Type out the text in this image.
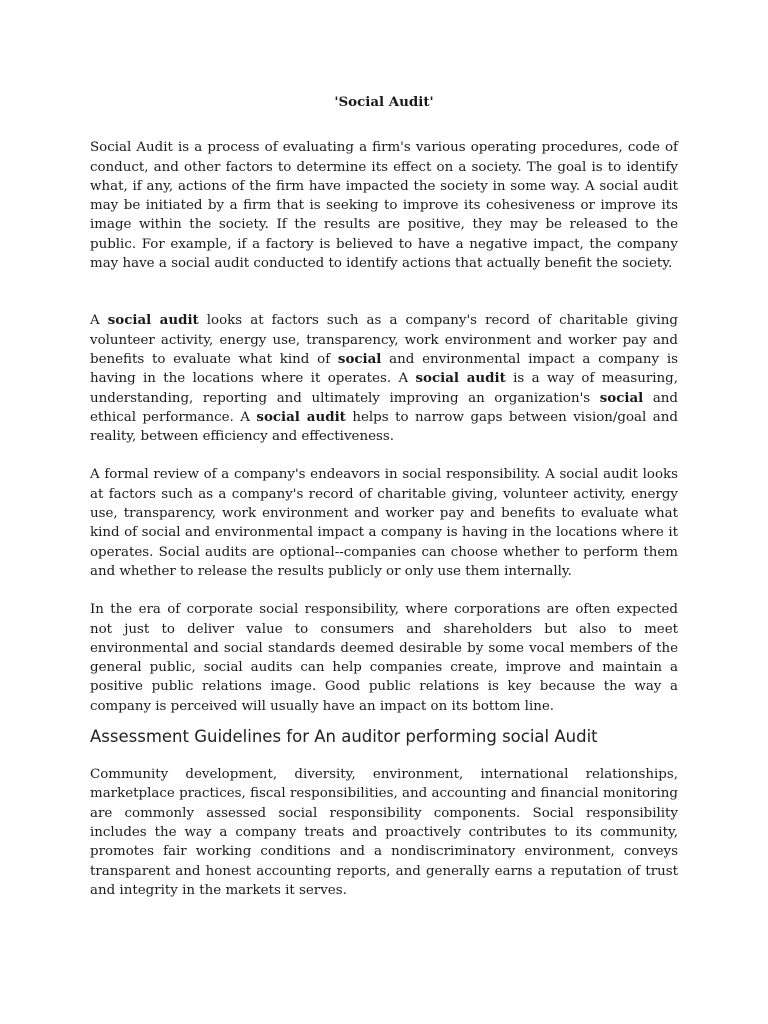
'Social Audit'

Social Audit is a process of evaluating a firm's various operating procedures, code of conduct, and other factors to determine its effect on a society. The goal is to identify what, if any, actions of the firm have impacted the society in some way. A social audit may be initiated by a firm that is seeking to improve its cohesiveness or improve its image within the society. If the results are positive, they may be released to the public. For example, if a factory is believed to have a negative impact, the company may have a social audit conducted to identify actions that actually benefit the society.

A social audit looks at factors such as a company's record of charitable giving volunteer activity, energy use, transparency, work environment and worker pay and benefits to evaluate what kind of social and environmental impact a company is having in the locations where it operates. A social audit is a way of measuring, understanding, reporting and ultimately improving an organization's social and ethical performance. A social audit helps to narrow gaps between vision/goal and reality, between efficiency and effectiveness.

A formal review of a company's endeavors in social responsibility. A social audit looks at factors such as a company's record of charitable giving, volunteer activity, energy use, transparency, work environment and worker pay and benefits to evaluate what kind of social and environmental impact a company is having in the locations where it operates. Social audits are optional--companies can choose whether to perform them and whether to release the results publicly or only use them internally.

In the era of corporate social responsibility, where corporations are often expected not just to deliver value to consumers and shareholders but also to meet environmental and social standards deemed desirable by some vocal members of the general public, social audits can help companies create, improve and maintain a positive public relations image. Good public relations is key because the way a company is perceived will usually have an impact on its bottom line.

Assessment Guidelines for An auditor performing social Audit

Community development, diversity, environment, international relationships, marketplace practices, fiscal responsibilities, and accounting and financial monitoring are commonly assessed social responsibility components. Social responsibility includes the way a company treats and proactively contributes to its community, promotes fair working conditions and a nondiscriminatory environment, conveys transparent and honest accounting reports, and generally earns a reputation of trust and integrity in the markets it serves.
